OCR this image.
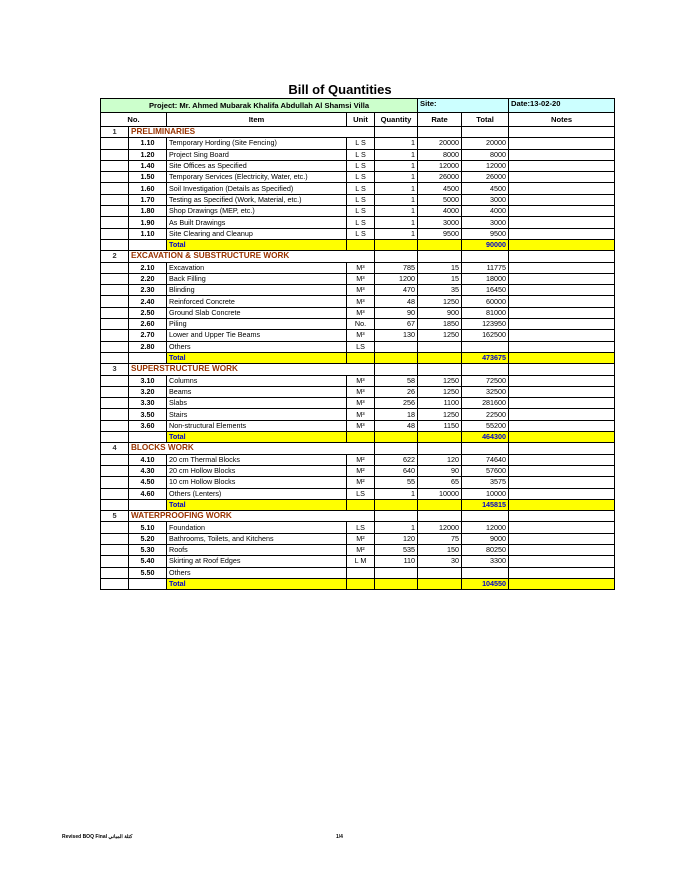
Bill of Quantities
Project: Mr. Ahmed Mubarak Khalifa Abdullah Al Shamsi Villa					Site:		Date:13-02-20
No.		Item	Unit	Quantity	Rate	Total	Notes
1	PRELIMINARIES						
	1.10	Temporary Hording (Site Fencing)	L S	1	20000	20000	
	1.20	Project Sing Board	L S	1	8000	8000	
	1.40	Site Offices as Specified	L S	1	12000	12000	
	1.50	Temporary Services (Electricity, Water, etc.)	L S	1	26000	26000	
	1.60	Soil Investigation (Details as Specified)	L S	1	4500	4500	
	1.70	Testing as Specified (Work, Material, etc.)	L S	1	5000	3000	
	1.80	Shop Drawings (MEP, etc.)	L S	1	4000	4000	
	1.90	As Built Drawings	L S	1	3000	3000	
	1.10	Site Clearing and Cleanup	L S	1	9500	9500	
		Total				90000	
2	EXCAVATION & SUBSTRUCTURE WORK						
	2.10	Excavation	M³	785	15	11775	
	2.20	Back Filling	M³	1200	15	18000	
	2.30	Blinding	M³	470	35	16450	
	2.40	Reinforced Concrete	M³	48	1250	60000	
	2.50	Ground Slab Concrete	M³	90	900	81000	
	2.60	Piling	No.	67	1850	123950	
	2.70	Lower and Upper Tie Beams	M³	130	1250	162500	
	2.80	Others	LS				
		Total				473675	
3	SUPERSTRUCTURE WORK						
	3.10	Columns	M³	58	1250	72500	
	3.20	Beams	M³	26	1250	32500	
	3.30	Slabs	M³	256	1100	281600	
	3.50	Stairs	M³	18	1250	22500	
	3.60	Non-structural Elements	M³	48	1150	55200	
		Total				464300	
4	BLOCKS WORK						
	4.10	20 cm Thermal Blocks	M²	622	120	74640	
	4.30	20 cm Hollow Blocks	M²	640	90	57600	
	4.50	10 cm Hollow Blocks	M²	55	65	3575	
	4.60	Others (Lenters)	LS	1	10000	10000	
		Total				145815	
5	WATERPROOFING WORK						
	5.10	Foundation	LS	1	12000	12000	
	5.20	Bathrooms, Toilets, and Kitchens	M²	120	75	9000	
	5.30	Roofs	M²	535	150	80250	
	5.40	Skirting at Roof Edges	L M	110	30	3300	
	5.50	Others					
		Total				104550	
Revised BOQ Final كتلة المباني	1/4
